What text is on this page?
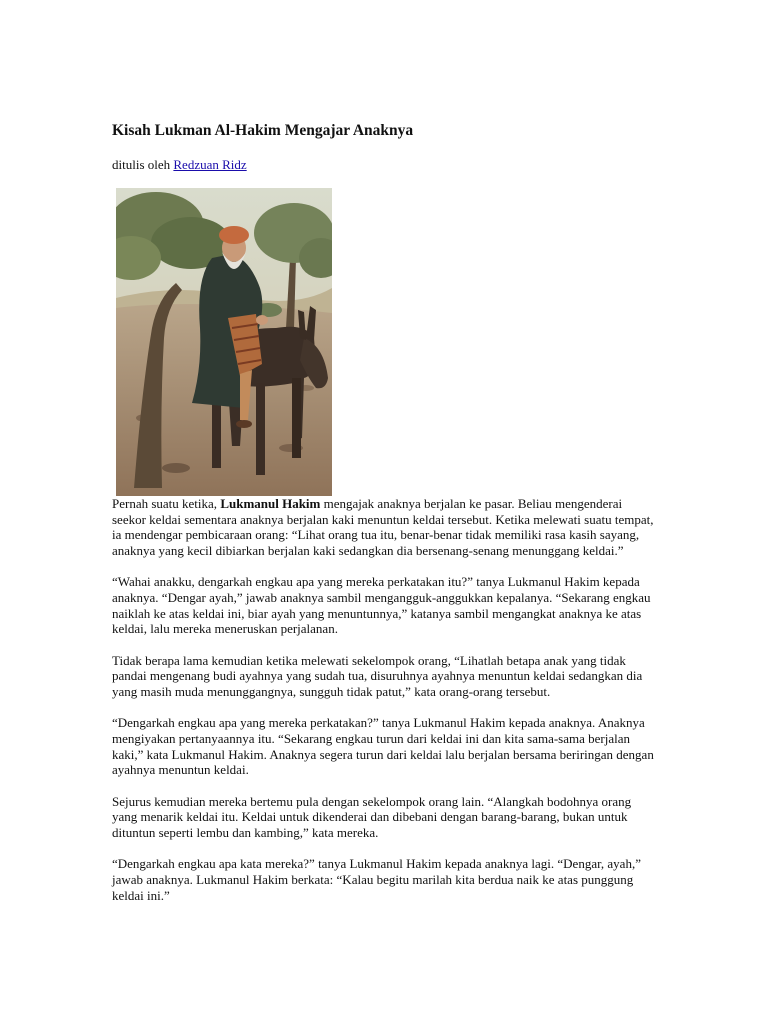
Kisah Lukman Al-Hakim Mengajar Anaknya
ditulis oleh Redzuan Ridz

Pernah suatu ketika, Lukmanul Hakim mengajak anaknya berjalan ke pasar. Beliau mengenderai seekor keldai sementara anaknya berjalan kaki menuntun keldai tersebut. Ketika melewati suatu tempat, ia mendengar pembicaraan orang: “Lihat orang tua itu, benar-benar tidak memiliki rasa kasih sayang, anaknya yang kecil dibiarkan berjalan kaki sedangkan dia bersenang-senang menunggang keldai.”

“Wahai anakku, dengarkah engkau apa yang mereka perkatakan itu?” tanya Lukmanul Hakim kepada anaknya. “Dengar ayah,” jawab anaknya sambil mengangguk-anggukkan kepalanya. “Sekarang engkau naiklah ke atas keldai ini, biar ayah yang menuntunnya,” katanya sambil mengangkat anaknya ke atas keldai, lalu mereka meneruskan perjalanan.

Tidak berapa lama kemudian ketika melewati sekelompok orang, “Lihatlah betapa anak yang tidak pandai mengenang budi ayahnya yang sudah tua, disuruhnya ayahnya menuntun keldai sedangkan dia yang masih muda menunggangnya, sungguh tidak patut,” kata orang-orang tersebut.

“Dengarkah engkau apa yang mereka perkatakan?” tanya Lukmanul Hakim kepada anaknya. Anaknya mengiyakan pertanyaannya itu. “Sekarang engkau turun dari keldai ini dan kita sama-sama berjalan kaki,” kata Lukmanul Hakim. Anaknya segera turun dari keldai lalu berjalan bersama beriringan dengan ayahnya menuntun keldai.

Sejurus kemudian mereka bertemu pula dengan sekelompok orang lain. “Alangkah bodohnya orang yang menarik keldai itu. Keldai untuk dikenderai dan dibebani dengan barang-barang, bukan untuk dituntun seperti lembu dan kambing,” kata mereka.

“Dengarkah engkau apa kata mereka?” tanya Lukmanul Hakim kepada anaknya lagi. “Dengar, ayah,” jawab anaknya. Lukmanul Hakim berkata: “Kalau begitu marilah kita berdua naik ke atas punggung keldai ini.”
